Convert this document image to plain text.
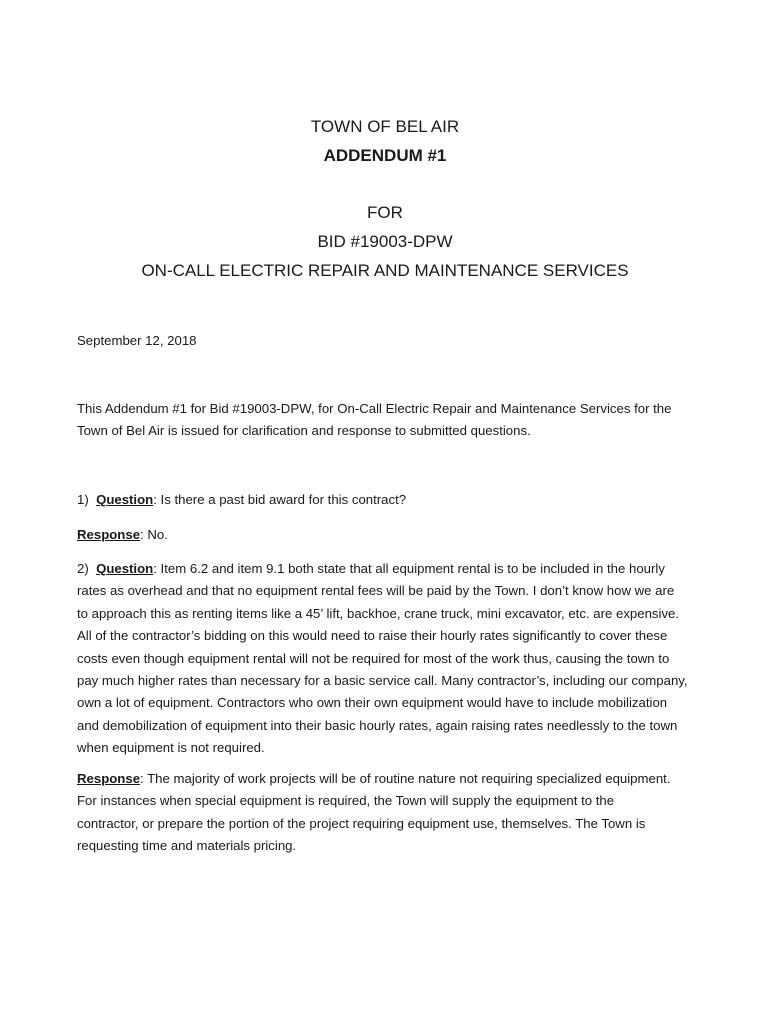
TOWN OF BEL AIR
ADDENDUM #1
FOR
BID #19003-DPW
ON-CALL ELECTRIC REPAIR AND MAINTENANCE SERVICES
September 12, 2018
This Addendum #1 for Bid #19003-DPW, for On-Call Electric Repair and Maintenance Services for the
Town of Bel Air is issued for clarification and response to submitted questions.
1) Question: Is there a past bid award for this contract?
Response: No.
2) Question: Item 6.2 and item 9.1 both state that all equipment rental is to be included in the hourly
rates as overhead and that no equipment rental fees will be paid by the Town. I don’t know how we are
to approach this as renting items like a 45’ lift, backhoe, crane truck, mini excavator, etc. are expensive.
All of the contractor’s bidding on this would need to raise their hourly rates significantly to cover these
costs even though equipment rental will not be required for most of the work thus, causing the town to
pay much higher rates than necessary for a basic service call. Many contractor’s, including our company,
own a lot of equipment. Contractors who own their own equipment would have to include mobilization
and demobilization of equipment into their basic hourly rates, again raising rates needlessly to the town
when equipment is not required.
Response: The majority of work projects will be of routine nature not requiring specialized equipment.
For instances when special equipment is required, the Town will supply the equipment to the
contractor, or prepare the portion of the project requiring equipment use, themselves. The Town is
requesting time and materials pricing.
